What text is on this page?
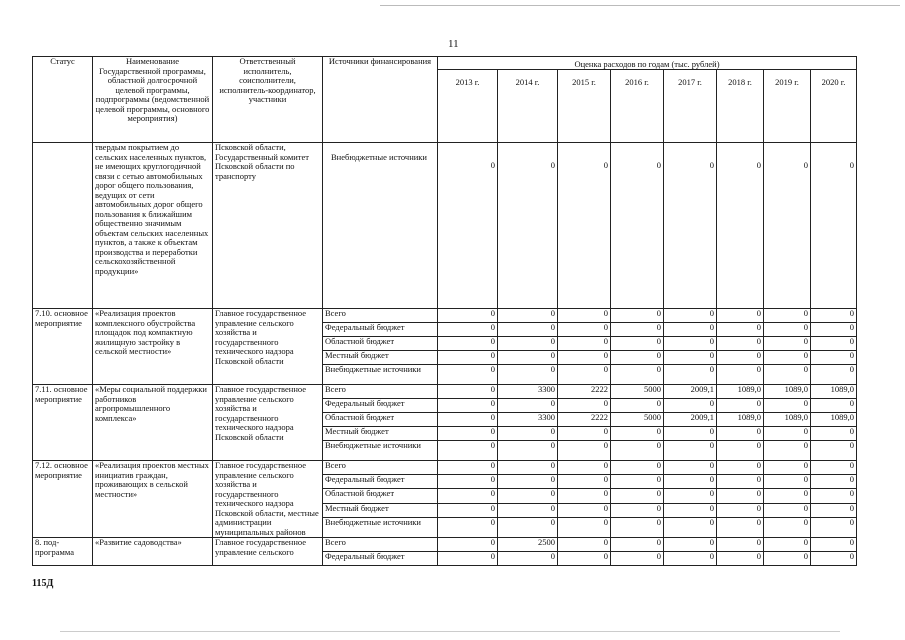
11
Статус	Наименование Государственной программы, областной долгосрочной целевой программы, подпрограммы (ведомственной целевой программы, основного мероприятия)	Ответственный исполнитель, соисполнители, исполнитель-координатор, участники	Источники финансирования	Оценка расходов по годам (тыс. рублей)							
				2013 г.	2014 г.	2015 г.	2016 г.	2017 г.	2018 г.	2019 г.	2020 г.
	твердым покрытием до сельских населенных пунктов, не имеющих круглогодичной связи с сетью автомобильных дорог общего пользования, ведущих от сети автомобильных дорог общего пользования к ближайшим общественно значимым объектам сельских населенных пунктов, а также к объектам производства и переработки сельскохозяйственной продукции»	Псковской области, Государственный комитет Псковской области по транспорту	Внебюджетные источники	0	0	0	0	0	0	0	0
7.10. основное мероприятие	«Реализация проектов комплексного обустройства площадок под компактную жилищную застройку в сельской местности»	Главное государственное управление сельского хозяйства и государственного технического надзора Псковской области	Всего	0	0	0	0	0	0	0	0
			Федеральный бюджет	0	0	0	0	0	0	0	0
			Областной бюджет	0	0	0	0	0	0	0	0
			Местный бюджет	0	0	0	0	0	0	0	0
			Внебюджетные источники	0	0	0	0	0	0	0	0
7.11. основное мероприятие	«Меры социальной поддержки работников агропромышленного комплекса»	Главное государственное управление сельского хозяйства и государственного технического надзора Псковской области	Всего	0	3300	2222	5000	2009,1	1089,0	1089,0	1089,0
			Федеральный бюджет	0	0	0	0	0	0	0	0
			Областной бюджет	0	3300	2222	5000	2009,1	1089,0	1089,0	1089,0
			Местный бюджет	0	0	0	0	0	0	0	0
			Внебюджетные источники	0	0	0	0	0	0	0	0
7.12. основное мероприятие	«Реализация проектов местных инициатив граждан, проживающих в сельской местности»	Главное государственное управление сельского хозяйства и государственного технического надзора Псковской области, местные администрации муниципальных районов	Всего	0	0	0	0	0	0	0	0
			Федеральный бюджет	0	0	0	0	0	0	0	0
			Областной бюджет	0	0	0	0	0	0	0	0
			Местный бюджет	0	0	0	0	0	0	0	0
			Внебюджетные источники	0	0	0	0	0	0	0	0
8. под-программа	«Развитие садоводства»	Главное государственное управление сельского	Всего	0	2500	0	0	0	0	0	0
			Федеральный бюджет	0	0	0	0	0	0	0	0
115Д
